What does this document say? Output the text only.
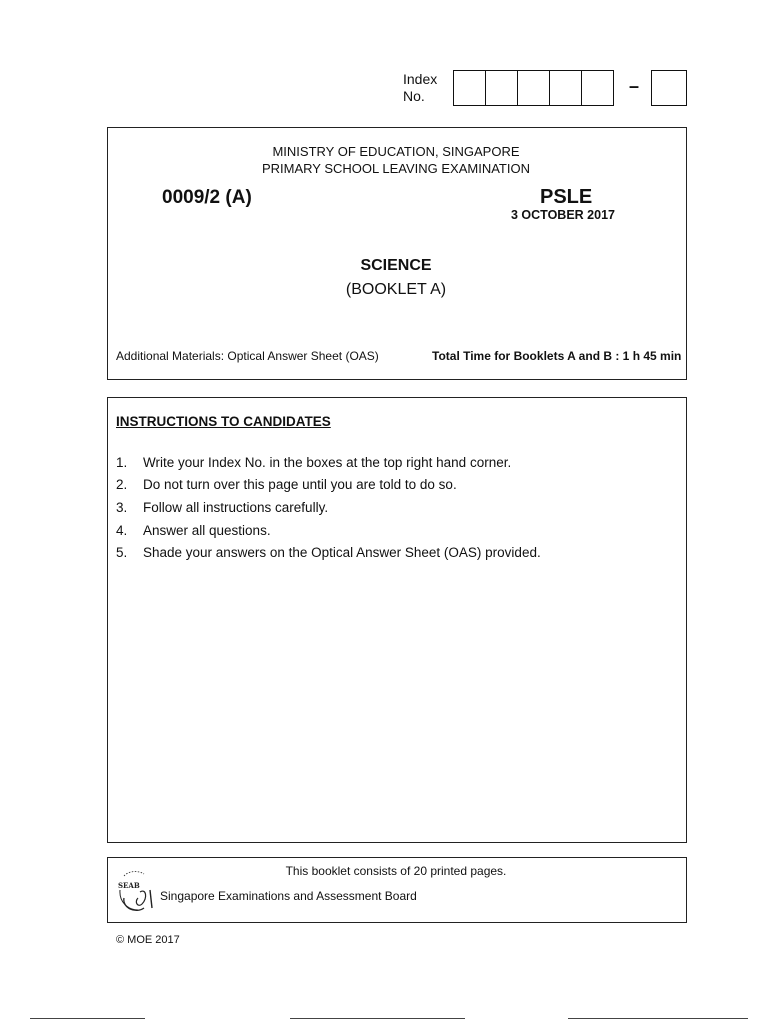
Index
No.	–
MINISTRY OF EDUCATION, SINGAPORE
PRIMARY SCHOOL LEAVING EXAMINATION
0009/2 (A)	PSLE
3 OCTOBER 2017
SCIENCE
(BOOKLET A)
Additional Materials: Optical Answer Sheet (OAS)	Total Time for Booklets A and B : 1 h 45 min
INSTRUCTIONS TO CANDIDATES
1.	Write your Index No. in the boxes at the top right hand corner.
2.	Do not turn over this page until you are told to do so.
3.	Follow all instructions carefully.
4.	Answer all questions.
5.	Shade your answers on the Optical Answer Sheet (OAS) provided.
This booklet consists of 20 printed pages.
SEAB
Singapore Examinations and Assessment Board
© MOE 2017
